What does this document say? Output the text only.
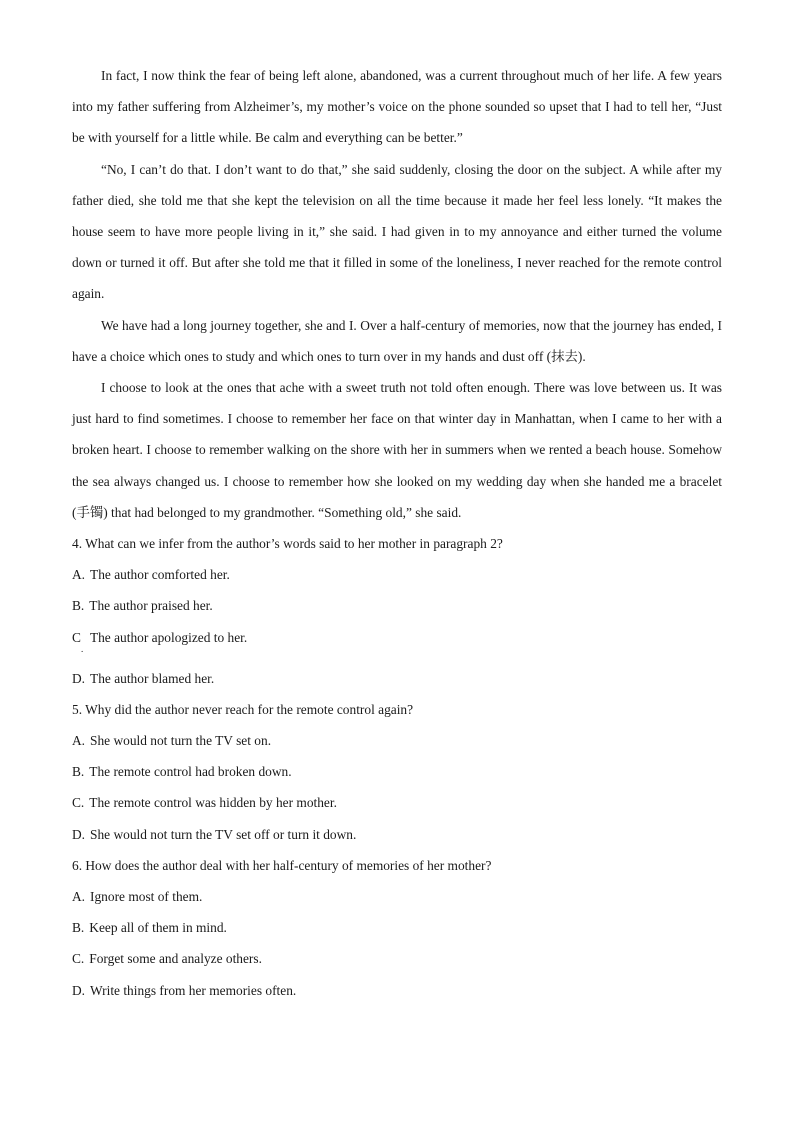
In fact, I now think the fear of being left alone, abandoned, was a current throughout much of her life. A few years into my father suffering from Alzheimer’s, my mother’s voice on the phone sounded so upset that I had to tell her, “Just be with yourself for a little while. Be calm and everything can be better.”

“No, I can’t do that. I don’t want to do that,” she said suddenly, closing the door on the subject. A while after my father died, she told me that she kept the television on all the time because it made her feel less lonely. “It makes the house seem to have more people living in it,” she said. I had given in to my annoyance and either turned the volume down or turned it off. But after she told me that it filled in some of the loneliness, I never reached for the remote control again.

We have had a long journey together, she and I. Over a half-century of memories, now that the journey has ended, I have a choice which ones to study and which ones to turn over in my hands and dust off (抹去).

I choose to look at the ones that ache with a sweet truth not told often enough. There was love between us. It was just hard to find sometimes. I choose to remember her face on that winter day in Manhattan, when I came to her with a broken heart. I choose to remember walking on the shore with her in summers when we rented a beach house. Somehow the sea always changed us. I choose to remember how she looked on my wedding day when she handed me a bracelet (手镯) that had belonged to my grandmother. “Something old,” she said.

4. What can we infer from the author’s words said to her mother in paragraph 2?

A. The author comforted her.

B. The author praised her.

C The author apologized to her.
.

D. The author blamed her.

5. Why did the author never reach for the remote control again?

A. She would not turn the TV set on.

B. The remote control had broken down.

C. The remote control was hidden by her mother.

D. She would not turn the TV set off or turn it down.

6. How does the author deal with her half-century of memories of her mother?

A. Ignore most of them.

B. Keep all of them in mind.

C. Forget some and analyze others.

D. Write things from her memories often.
